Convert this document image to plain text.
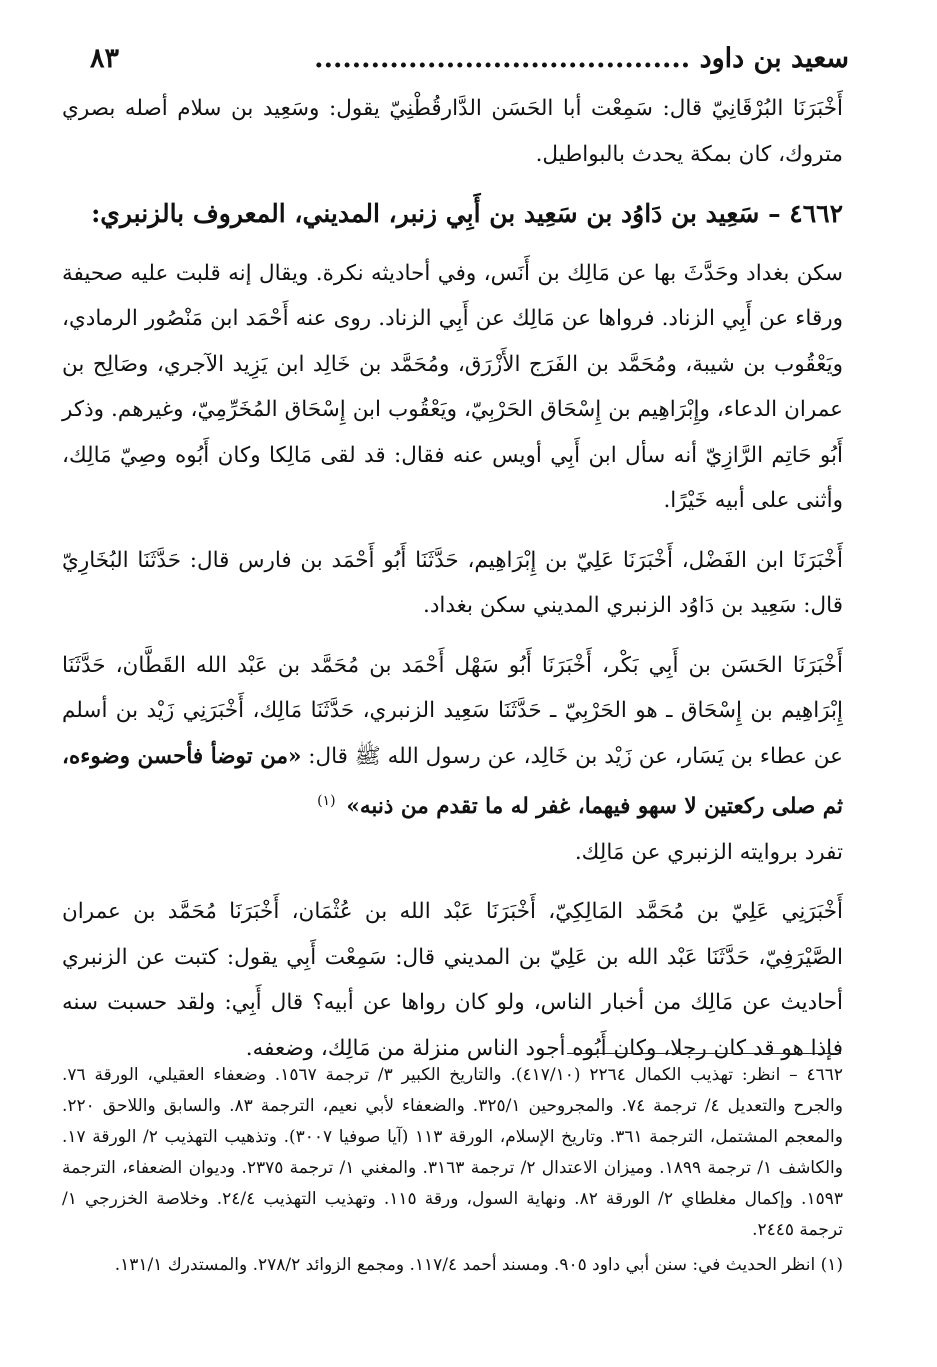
سعيد بن داود ........................................
٨٣

أَخْبَرَنَا البُرْقَانِيّ قال: سَمِعْت أبا الحَسَن الدَّارقُطْنِيّ يقول: وسَعِيد بن سلام أصله بصري متروك، كان بمكة يحدث بالبواطيل.

٤٦٦٢ – سَعِيد بن دَاوُد بن سَعِيد بن أَبِي زنبر، المديني، المعروف بالزنبري:

سكن بغداد وحَدَّثَ بها عن مَالِك بن أَنَس، وفي أحاديثه نكرة. ويقال إنه قلبت عليه صحيفة ورقاء عن أَبِي الزناد. فرواها عن مَالِك عن أَبِي الزناد. روى عنه أَحْمَد ابن مَنْصُور الرمادي، ويَعْقُوب بن شيبة، ومُحَمَّد بن الفَرَج الأَزْرَق، ومُحَمَّد بن خَالِد ابن يَزِيد الآجري، وصَالِح بن عمران الدعاء، وإِبْرَاهِيم بن إِسْحَاق الحَرْبِيّ، ويَعْقُوب ابن إِسْحَاق المُخَرِّمِيّ، وغيرهم. وذكر أَبُو حَاتِم الرَّازِيّ أنه سأل ابن أَبِي أويس عنه فقال: قد لقى مَالِكا وكان أَبُوه وصِيّ مَالِك، وأثنى على أبيه خَيْرًا.

أَخْبَرَنَا ابن الفَضْل، أَخْبَرَنَا عَلِيّ بن إِبْرَاهِيم، حَدَّثَنَا أَبُو أَحْمَد بن فارس قال: حَدَّثَنَا البُخَارِيّ قال: سَعِيد بن دَاوُد الزنبري المديني سكن بغداد.

أَخْبَرَنَا الحَسَن بن أَبِي بَكْر، أَخْبَرَنَا أَبُو سَهْل أَحْمَد بن مُحَمَّد بن عَبْد الله القَطَّان، حَدَّثَنَا إِبْرَاهِيم بن إِسْحَاق ـ هو الحَرْبِيّ ـ حَدَّثَنَا سَعِيد الزنبري، حَدَّثَنَا مَالِك، أَخْبَرَنِي زَيْد بن أسلم عن عطاء بن يَسَار، عن زَيْد بن خَالِد، عن رسول الله ﷺ قال: «من توضأ فأحسن وضوءه، ثم صلى ركعتين لا سهو فيهما، غفر له ما تقدم من ذنبه» $^{(١)}$

تفرد بروايته الزنبري عن مَالِك.

أَخْبَرَنِي عَلِيّ بن مُحَمَّد المَالِكِيّ، أَخْبَرَنَا عَبْد الله بن عُثْمَان، أَخْبَرَنَا مُحَمَّد بن عمران الصَّيْرَفِيّ، حَدَّثَنَا عَبْد الله بن عَلِيّ بن المديني قال: سَمِعْت أَبِي يقول: كتبت عن الزنبري أحاديث عن مَالِك من أخبار الناس، ولو كان رواها عن أبيه؟ قال أَبِي: ولقد حسبت سنه فإذا هو قد كان رجلا، وكان أَبُوه أجود الناس منزلة من مَالِك، وضعفه.

٤٦٦٢ – انظر: تهذيب الكمال ٢٢٦٤ (٤١٧/١٠). والتاريخ الكبير ٣/ ترجمة ١٥٦٧. وضعفاء العقيلي، الورقة ٧٦. والجرح والتعديل ٤/ ترجمة ٧٤. والمجروحين ٣٢٥/١. والضعفاء لأبي نعيم، الترجمة ٨٣. والسابق واللاحق ٢٢٠. والمعجم المشتمل، الترجمة ٣٦١. وتاريخ الإسلام، الورقة ١١٣ (آيا صوفيا ٣٠٠٧). وتذهيب التهذيب ٢/ الورقة ١٧. والكاشف ١/ ترجمة ١٨٩٩. وميزان الاعتدال ٢/ ترجمة ٣١٦٣. والمغني ١/ ترجمة ٢٣٧٥. وديوان الضعفاء، الترجمة ١٥٩٣. وإكمال مغلطاي ٢/ الورقة ٨٢. ونهاية السول، ورقة ١١٥. وتهذيب التهذيب ٢٤/٤. وخلاصة الخزرجي ١/ ترجمة ٢٤٤٥.

(١) انظر الحديث في: سنن أبي داود ٩٠٥. ومسند أحمد ١١٧/٤. ومجمع الزوائد ٢٧٨/٢. والمستدرك ١٣١/١.
